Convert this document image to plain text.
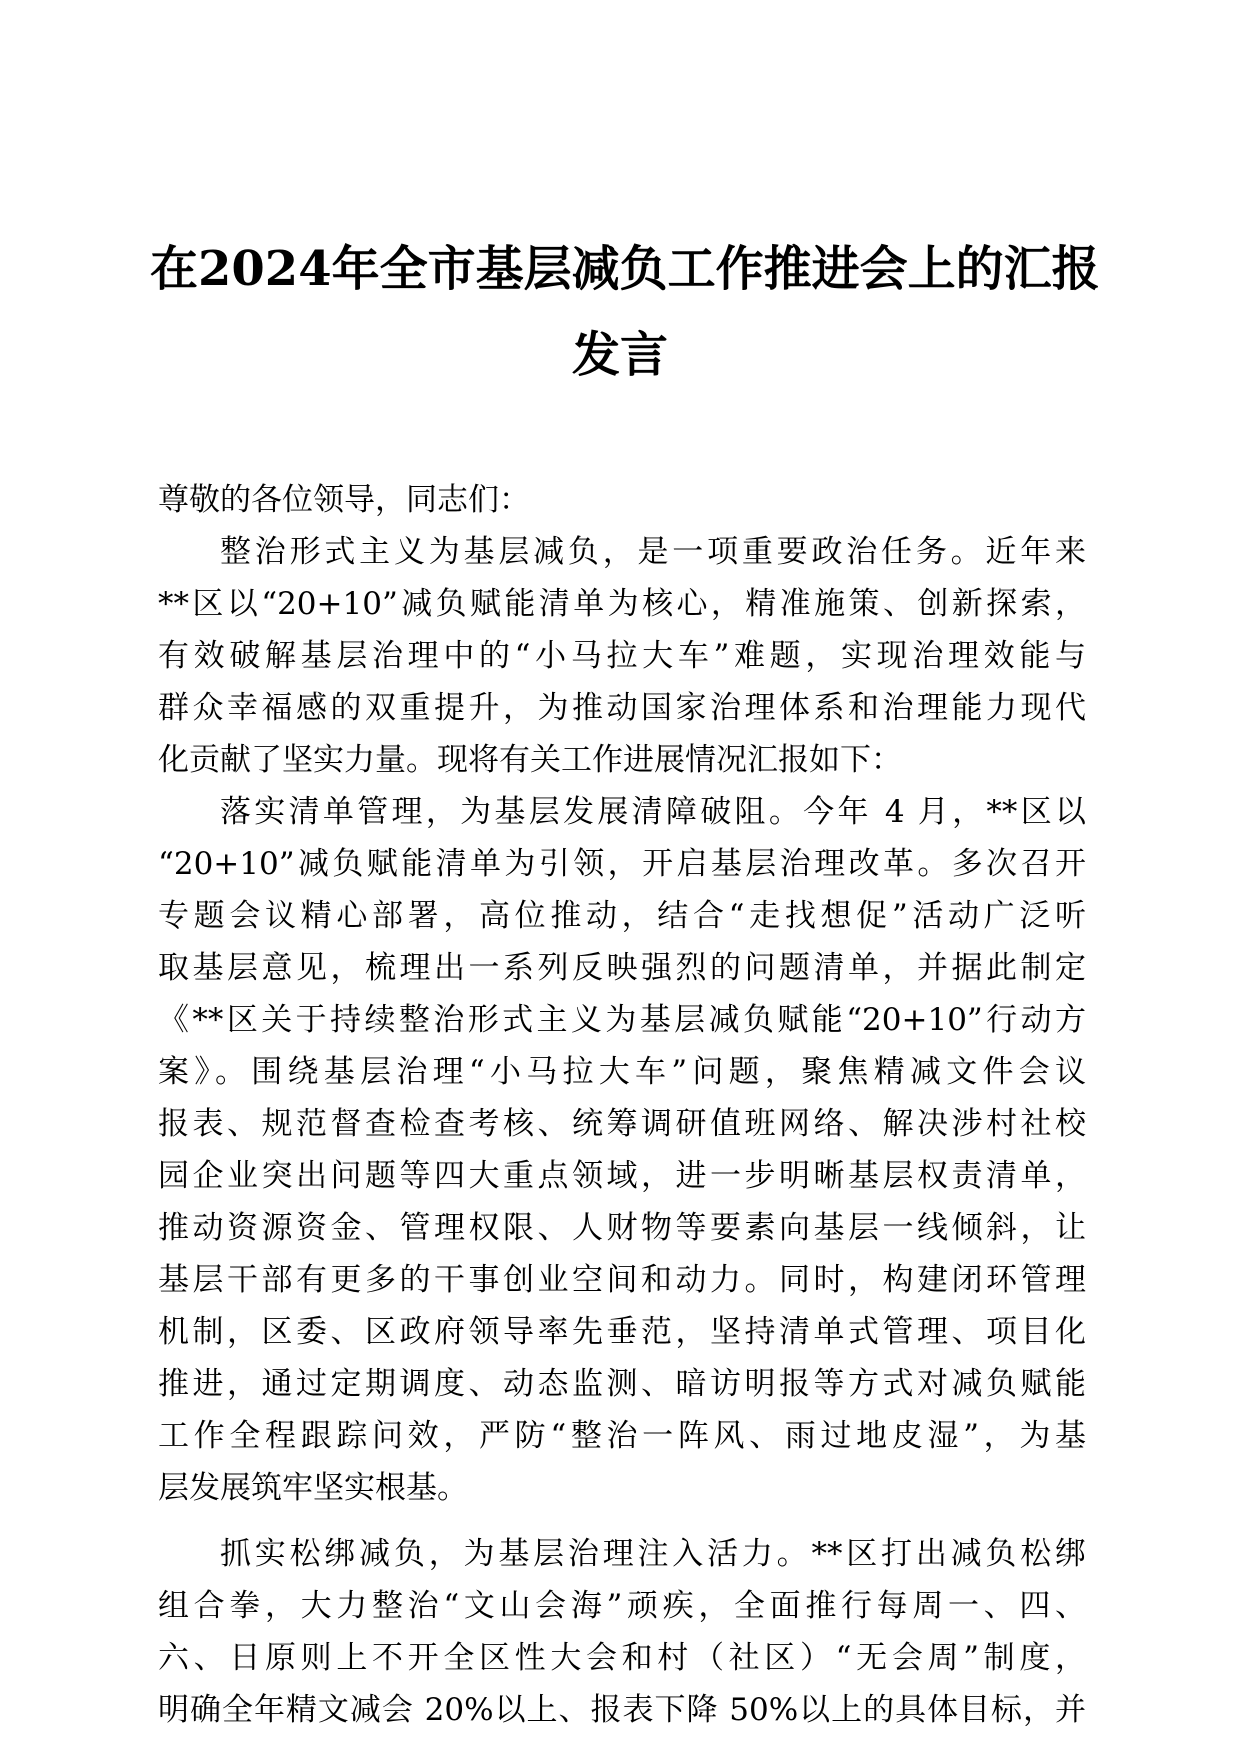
在2024年全市基层减负工作推进会上的汇报
发言
尊敬的各位领导，同志们：
整治形式主义为基层减负，是一项重要政治任务。近年来
**区以“20+10”减负赋能清单为核心，精准施策、创新探索，
有效破解基层治理中的“小马拉大车”难题，实现治理效能与
群众幸福感的双重提升，为推动国家治理体系和治理能力现代
化贡献了坚实力量。现将有关工作进展情况汇报如下：
落实清单管理，为基层发展清障破阻。今年 4 月，**区以
“20+10”减负赋能清单为引领，开启基层治理改革。多次召开
专题会议精心部署，高位推动，结合“走找想促”活动广泛听
取基层意见，梳理出一系列反映强烈的问题清单，并据此制定
《**区关于持续整治形式主义为基层减负赋能“20+10”行动方
案》。围绕基层治理“小马拉大车”问题，聚焦精减文件会议
报表、规范督查检查考核、统筹调研值班网络、解决涉村社校
园企业突出问题等四大重点领域，进一步明晰基层权责清单，
推动资源资金、管理权限、人财物等要素向基层一线倾斜，让
基层干部有更多的干事创业空间和动力。同时，构建闭环管理
机制，区委、区政府领导率先垂范，坚持清单式管理、项目化
推进，通过定期调度、动态监测、暗访明报等方式对减负赋能
工作全程跟踪问效，严防“整治一阵风、雨过地皮湿”，为基
层发展筑牢坚实根基。
抓实松绑减负，为基层治理注入活力。**区打出减负松绑
组合拳，大力整治“文山会海”顽疾，全面推行每周一、四、
六、日原则上不开全区性大会和村（社区）“无会周”制度，
明确全年精文减会 20%以上、报表下降 50%以上的具体目标，并
